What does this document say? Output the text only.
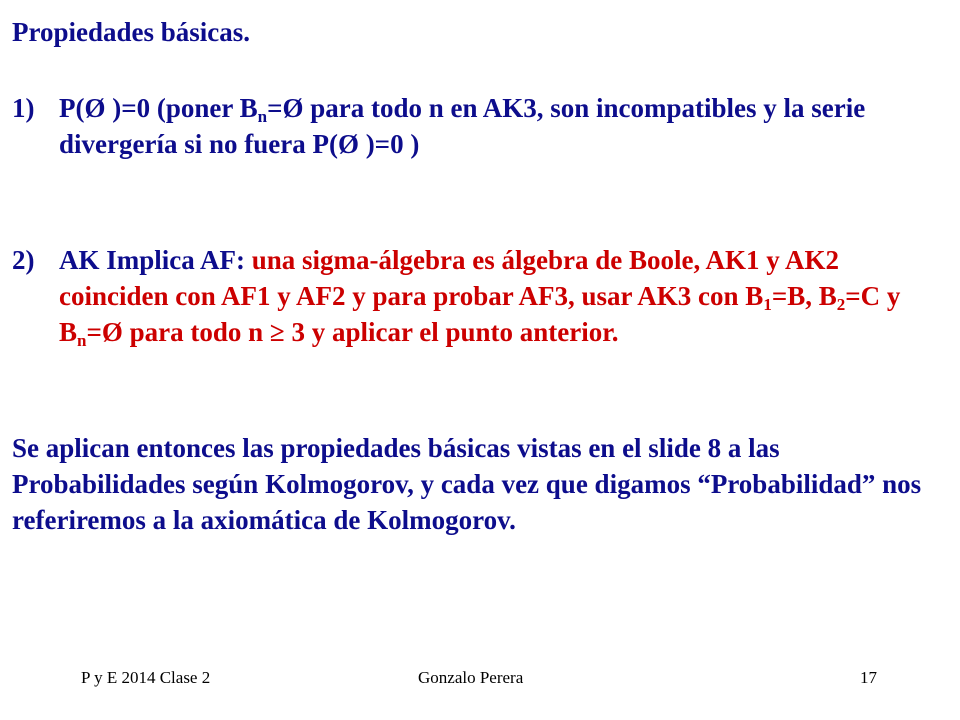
Propiedades básicas.
1) P(Ø )=0 (poner $B_n=Ø$ para todo n en AK3, son incompatibles y la serie divergería si no fuera P(Ø )=0 )
2) AK Implica AF: una sigma-álgebra es álgebra de Boole, AK1 y AK2 coinciden con AF1 y AF2 y para probar AF3, usar AK3 con $B_1=B$, $B_2=C$ y $B_n=Ø$ para todo n ≥ 3 y aplicar el punto anterior.
Se aplican entonces las propiedades básicas vistas en el slide 8 a las Probabilidades según Kolmogorov, y cada vez que digamos “Probabilidad” nos referiremos a la axiomática de Kolmogorov.
P y E 2014 Clase 2	Gonzalo Perera	17
